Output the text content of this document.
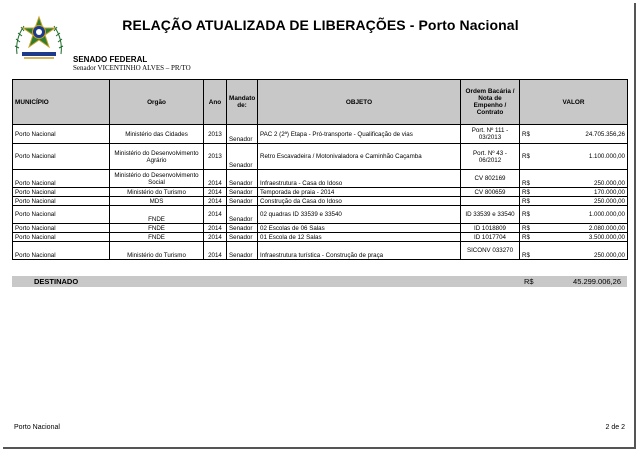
RELAÇÃO ATUALIZADA DE LIBERAÇÕES - Porto Nacional
SENADO FEDERAL
Senador VICENTINHO ALVES – PR/TO
MUNICÍPIO	Orgão	Ano	Mandato de:	OBJETO	Ordem Bacária / Nota de Empenho / Contrato	VALOR	
Porto Nacional	Ministério das Cidades	2013	Senador	PAC 2 (2ª) Etapa - Pró-transporte - Qualificação de vias	Port. Nº 111 - 03/2013	R$	24.705.356,26
Porto Nacional	Ministério do Desenvolvimento Agrário	2013	Senador	Retro Escavadeira / Motonivaladora e Caminhão Caçamba	Port. Nº 43 - 06/2012	R$	1.100.000,00
Porto Nacional	Ministério do Desenvolvimento Social	2014	Senador	Infraestrutura - Casa do Idoso	CV 802169	R$	250.000,00
Porto Nacional	Ministério do Turismo	2014	Senador	Temporada de praia - 2014	CV 800659	R$	170.000,00
Porto Nacional	MDS	2014	Senador	Construção da Casa do Idoso		R$	250.000,00
Porto Nacional	FNDE	2014	Senador	02 quadras ID 33539 e 33540	ID 33539 e 33540	R$	1.000.000,00
Porto Nacional	FNDE	2014	Senador	02 Escolas de 06 Salas	ID 1018809	R$	2.080.000,00
Porto Nacional	FNDE	2014	Senador	01 Escola de 12 Salas	ID 1017704	R$	3.500.000,00
Porto Nacional	Ministério do Turismo	2014	Senador	Infraestrutura turística - Construção de praça	SICONV 033270	R$	250.000,00
DESTINADO	R$	45.299.006,26
Porto Nacional	2 de 2
